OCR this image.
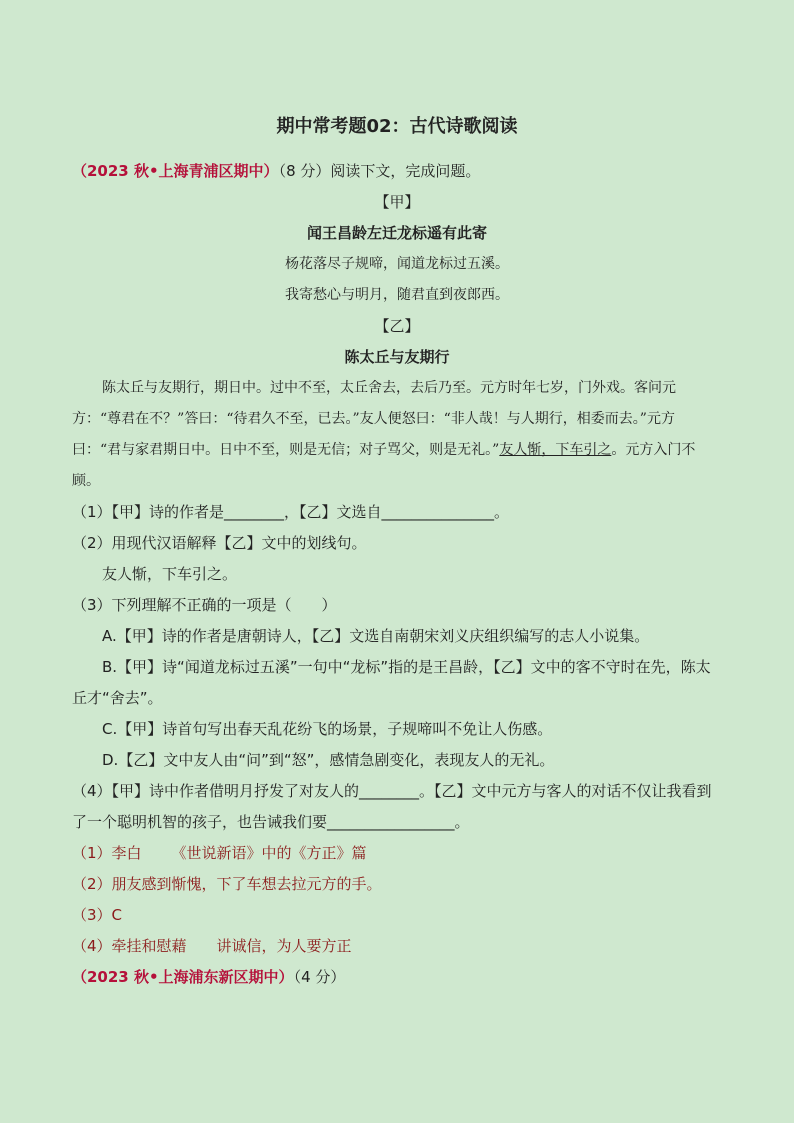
期中常考题02：古代诗歌阅读
（2023 秋•上海青浦区期中）（8 分）阅读下文，完成问题。
【甲】
闻王昌龄左迁龙标遥有此寄
杨花落尽子规啼，闻道龙标过五溪。
我寄愁心与明月，随君直到夜郎西。
【乙】
陈太丘与友期行
陈太丘与友期行，期日中。过中不至，太丘舍去，去后乃至。元方时年七岁，门外戏。客问元方：“尊君在不？”答曰：“待君久不至，已去。”友人便怒曰：“非人哉！与人期行，相委而去。”元方曰：“君与家君期日中。日中不至，则是无信；对子骂父，则是无礼。”友人惭，下车引之。元方入门不顾。
（1）【甲】诗的作者是________，【乙】文选自_______________。
（2）用现代汉语解释【乙】文中的划线句。
友人惭，下车引之。
（3）下列理解不正确的一项是（　　）
A.【甲】诗的作者是唐朝诗人，【乙】文选自南朝宋刘义庆组织编写的志人小说集。
B.【甲】诗“闻道龙标过五溪”一句中“龙标”指的是王昌龄，【乙】文中的客不守时在先，陈太丘才“舍去”。
C.【甲】诗首句写出春天乱花纷飞的场景，子规啼叫不免让人伤感。
D.【乙】文中友人由“问”到“怒”，感情急剧变化，表现友人的无礼。
（4）【甲】诗中作者借明月抒发了对友人的________。【乙】文中元方与客人的对话不仅让我看到了一个聪明机智的孩子，也告诫我们要_________________。
（1）李白 《世说新语》中的《方正》篇
（2）朋友感到惭愧，下了车想去拉元方的手。
（3）C
（4）牵挂和慰藉 讲诚信，为人要方正
（2023 秋•上海浦东新区期中）（4 分）
